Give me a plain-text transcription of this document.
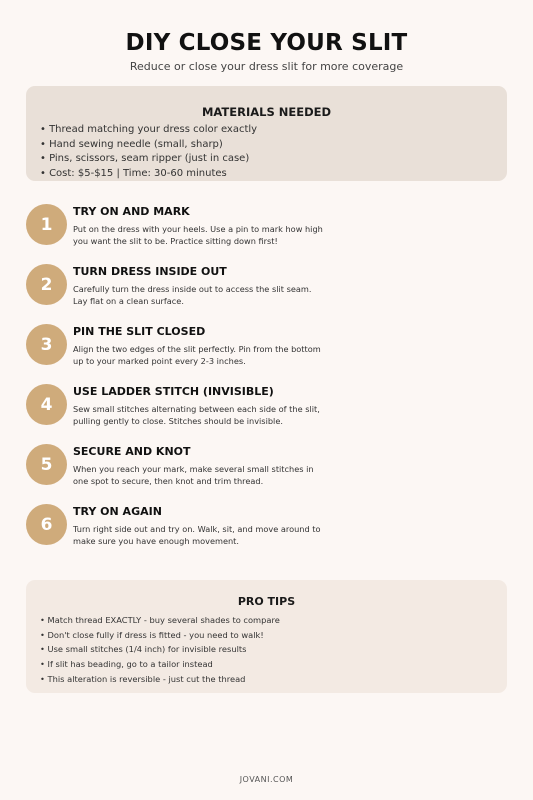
DIY CLOSE YOUR SLIT
Reduce or close your dress slit for more coverage
MATERIALS NEEDED
• Thread matching your dress color exactly
• Hand sewing needle (small, sharp)
• Pins, scissors, seam ripper (just in case)
• Cost: $5-$15 | Time: 30-60 minutes
1
TRY ON AND MARK
Put on the dress with your heels. Use a pin to mark how high you want the slit to be. Practice sitting down first!
2
TURN DRESS INSIDE OUT
Carefully turn the dress inside out to access the slit seam. Lay flat on a clean surface.
3
PIN THE SLIT CLOSED
Align the two edges of the slit perfectly. Pin from the bottom up to your marked point every 2-3 inches.
4
USE LADDER STITCH (INVISIBLE)
Sew small stitches alternating between each side of the slit, pulling gently to close. Stitches should be invisible.
5
SECURE AND KNOT
When you reach your mark, make several small stitches in one spot to secure, then knot and trim thread.
6
TRY ON AGAIN
Turn right side out and try on. Walk, sit, and move around to make sure you have enough movement.
PRO TIPS
• Match thread EXACTLY - buy several shades to compare
• Don't close fully if dress is fitted - you need to walk!
• Use small stitches (1/4 inch) for invisible results
• If slit has beading, go to a tailor instead
• This alteration is reversible - just cut the thread
JOVANI.COM
